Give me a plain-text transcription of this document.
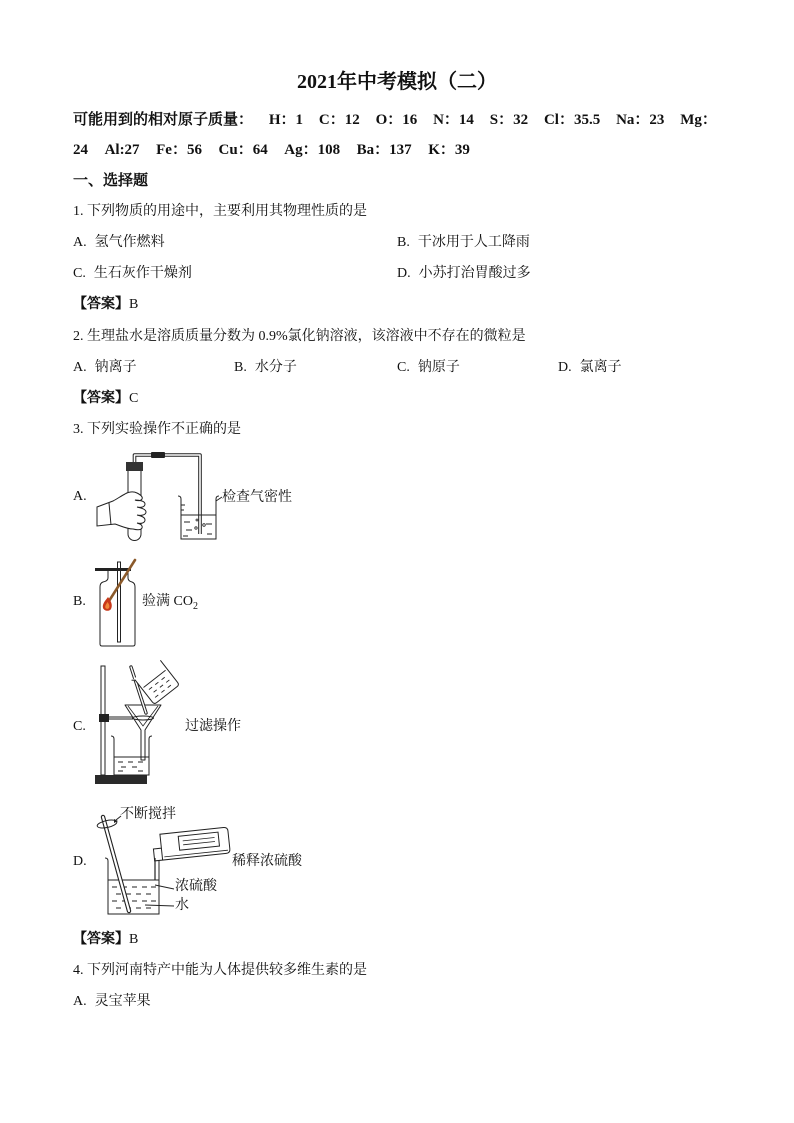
2021年中考模拟（二）
可能用到的相对原子质量： H：1 C：12 O：16 N：14 S：32 Cl：35.5 Na：23 Mg：
24 Al:27 Fe：56 Cu：64 Ag：108 Ba：137 K：39
一、选择题
1. 下列物质的用途中，主要利用其物理性质的是
A. 氢气作燃料	B. 干冰用于人工降雨
C. 生石灰作干燥剂	D. 小苏打治胃酸过多
【答案】B
2. 生理盐水是溶质质量分数为 0.9%氯化钠溶液，该溶液中不存在的微粒是
A. 钠离子	B. 水分子	C. 钠原子	D. 氯离子
【答案】C
3. 下列实验操作不正确的是
A.	检查气密性
B.	验满 $CO_2$
C.	过滤操作
D.
不断搅拌
稀释浓硫酸
浓硫酸
水
【答案】B
4. 下列河南特产中能为人体提供较多维生素的是
A. 灵宝苹果
